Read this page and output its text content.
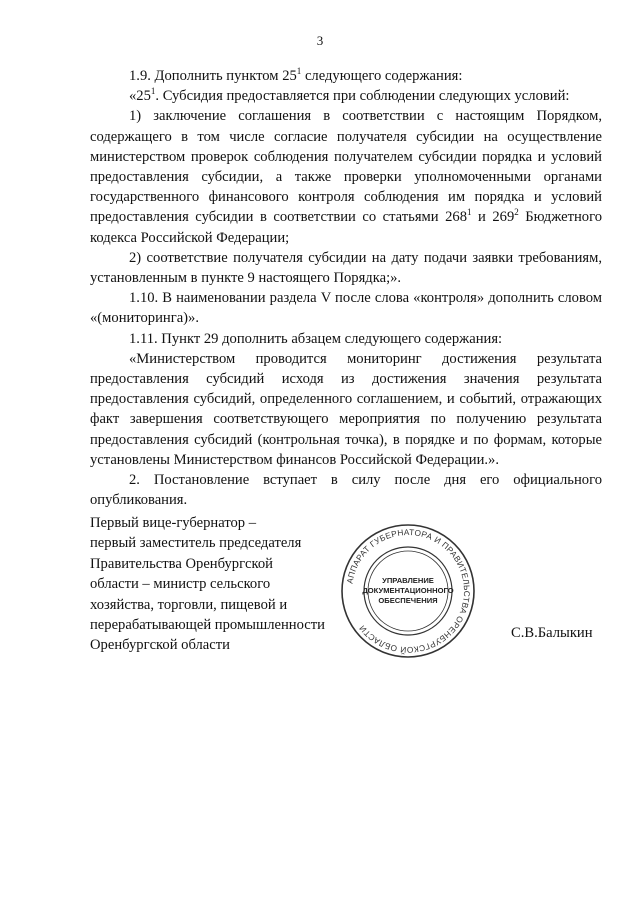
3

1.9. Дополнить пунктом $25^1$ следующего содержания:

«$25^1$. Субсидия предоставляется при соблюдении следующих условий:

1) заключение соглашения в соответствии с настоящим Порядком, содержащего в том числе согласие получателя субсидии на осуществление министерством проверок соблюдения получателем субсидии порядка и условий предоставления субсидии, а также проверки уполномоченными органами государственного финансового контроля соблюдения им порядка и условий предоставления субсидии в соответствии со статьями $268^1$ и $269^2$ Бюджетного кодекса Российской Федерации;

2) соответствие получателя субсидии на дату подачи заявки требованиям, установленным в пункте 9 настоящего Порядка;».

1.10. В наименовании раздела V после слова «контроля» дополнить словом «(мониторинга)».

1.11. Пункт 29 дополнить абзацем следующего содержания:

«Министерством проводится мониторинг достижения результата предоставления субсидий исходя из достижения значения результата предоставления субсидий, определенного соглашением, и событий, отражающих факт завершения соответствующего мероприятия по получению результата предоставления субсидий (контрольная точка), в порядке и по формам, которые установлены Министерством финансов Российской Федерации.».

2. Постановление вступает в силу после дня его официального опубликования.

Первый вице-губернатор –
первый заместитель председателя
Правительства Оренбургской
области – министр сельского
хозяйства, торговли, пищевой и
перерабатывающей промышленности
Оренбургской области
АППАРАТ ГУБЕРНАТОРА И ПРАВИТЕЛЬСТВА ОРЕНБУРГСКОЙ ОБЛАСТИ
УПРАВЛЕНИЕ
ДОКУМЕНТАЦИОННОГО
ОБЕСПЕЧЕНИЯ
С.В.Балыкин
